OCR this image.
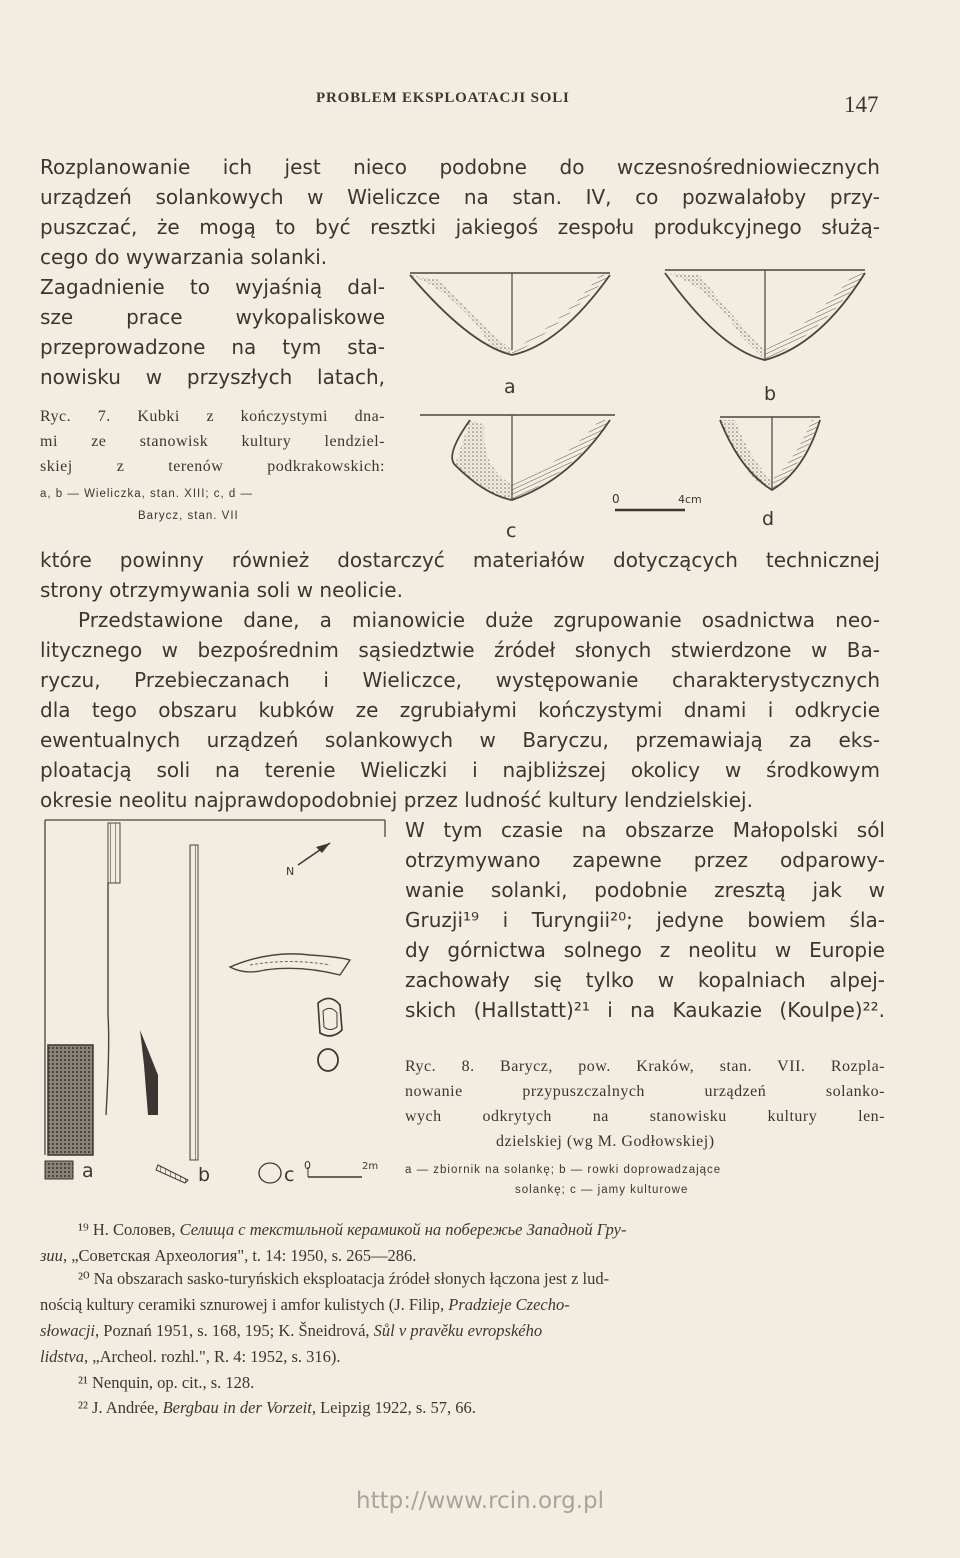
PROBLEM EKSPLOATACJI SOLI	147
Rozplanowanie ich jest nieco podobne do wczesnośredniowiecznych
urządzeń solankowych w Wieliczce na stan. IV, co pozwalałoby przy-
puszczać, że mogą to być resztki jakiegoś zespołu produkcyjnego służą-
cego do wywarzania solanki.
Zagadnienie to wyjaśnią dal-
sze prace wykopaliskowe
przeprowadzone na tym sta-
nowisku w przyszłych latach,
Ryc. 7. Kubki z kończystymi dna-
mi ze stanowisk kultury lendziel-
skiej z terenów podkrakowskich:
a, b — Wieliczka, stan. XIII; c, d —
Barycz, stan. VII
a	b
c
d
0	4cm
które powinny również dostarczyć materiałów dotyczących technicznej
strony otrzymywania soli w neolicie.
Przedstawione dane, a mianowicie duże zgrupowanie osadnictwa neo-
litycznego w bezpośrednim sąsiedztwie źródeł słonych stwierdzone w Ba-
ryczu, Przebieczanach i Wieliczce, występowanie charakterystycznych
dla tego obszaru kubków ze zgrubiałymi kończystymi dnami i odkrycie
ewentualnych urządzeń solankowych w Baryczu, przemawiają za eks-
ploatacją soli na terenie Wieliczki i najbliższej okolicy w środkowym
okresie neolitu najprawdopodobniej przez ludność kultury lendzielskiej.
W tym czasie na obszarze Małopolski sól
otrzymywano zapewne przez odparowy-
wanie solanki, podobnie zresztą jak w
Gruzji¹⁹ i Turyngii²⁰; jedyne bowiem śla-
dy górnictwa solnego z neolitu w Europie
zachowały się tylko w kopalniach alpej-
skich (Hallstatt)²¹ i na Kaukazie (Koulpe)²².
N
a	b	c 0	2m
Ryc. 8. Barycz, pow. Kraków, stan. VII. Rozpla-
nowanie przypuszczalnych urządzeń solanko-
wych odkrytych na stanowisku kultury len-
dzielskiej (wg M. Godłowskiej)
a — zbiornik na solankę; b — rowki doprowadzające
solankę; c — jamy kulturowe
¹⁹ Н. Соловев, Селища с текстильной керамикой на побережье Западной Гру-
зии, „Советская Археология", t. 14: 1950, s. 265—286.
²⁰ Na obszarach sasko-turyńskich eksploatacja źródeł słonych łączona jest z lud-
nością kultury ceramiki sznurowej i amfor kulistych (J. Filip, Pradzieje Czecho-
słowacji, Poznań 1951, s. 168, 195; K. Šneidrová, Sůl v pravěku evropského
lidstva, „Archeol. rozhl.", R. 4: 1952, s. 316).
²¹ Nenquin, op. cit., s. 128.
²² J. Andrée, Bergbau in der Vorzeit, Leipzig 1922, s. 57, 66.
http://www.rcin.org.pl
